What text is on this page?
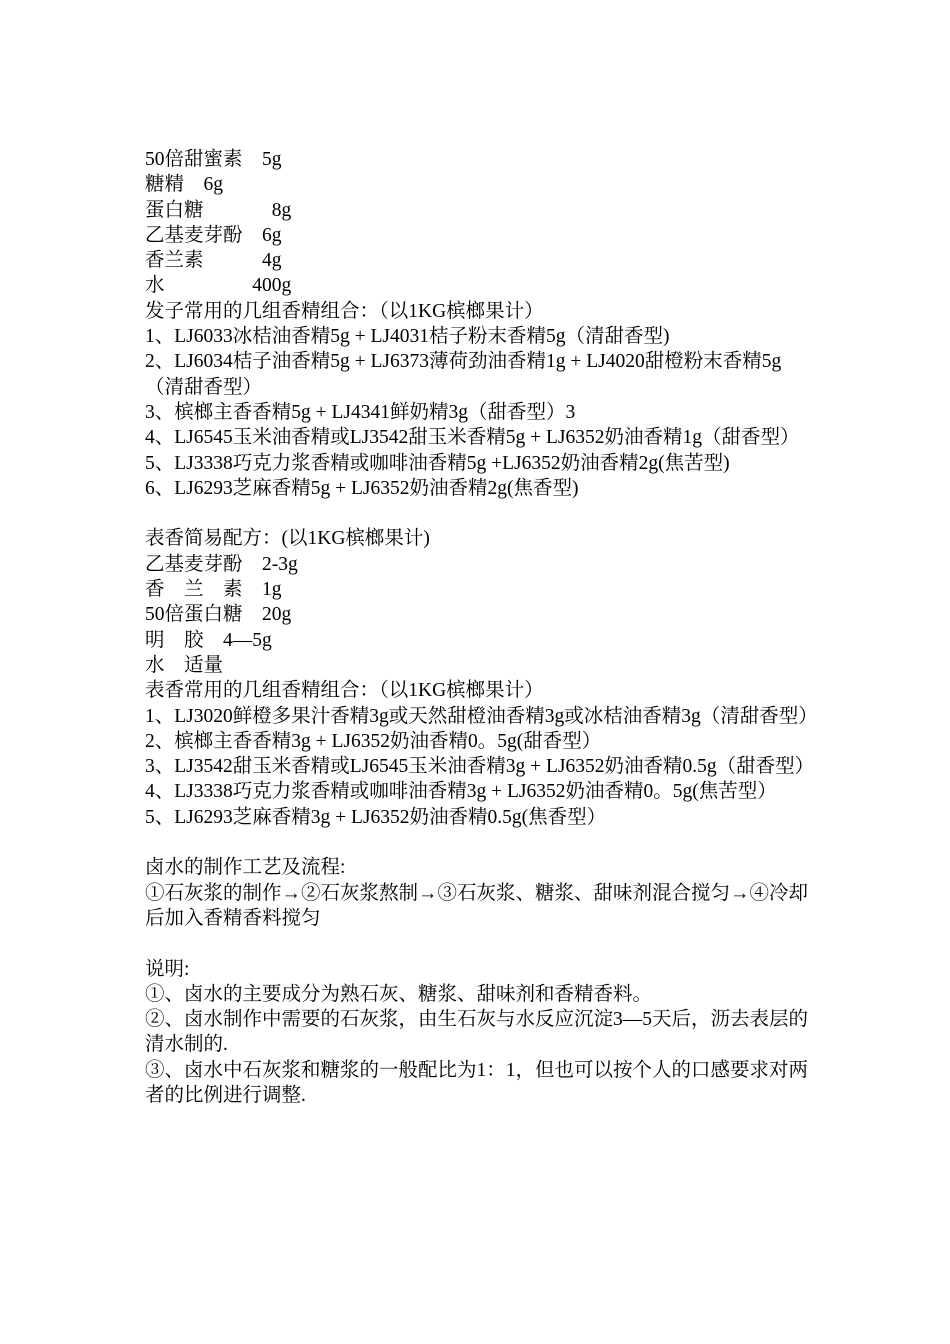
50倍甜蜜素    5g
糖精    6g
蛋白糖              8g
乙基麦芽酚    6g
香兰素            4g
水                  400g
发子常用的几组香精组合：（以1KG槟榔果计）
1、LJ6033冰桔油香精5g + LJ4031桔子粉末香精5g（清甜香型)
2、LJ6034桔子油香精5g + LJ6373薄荷劲油香精1g + LJ4020甜橙粉末香精5g（清甜香型）
3、槟榔主香香精5g + LJ4341鲜奶精3g（甜香型）3
4、LJ6545玉米油香精或LJ3542甜玉米香精5g + LJ6352奶油香精1g（甜香型）
5、LJ3338巧克力浆香精或咖啡油香精5g +LJ6352奶油香精2g(焦苦型)
6、LJ6293芝麻香精5g + LJ6352奶油香精2g(焦香型)
表香简易配方：(以1KG槟榔果计)
乙基麦芽酚    2-3g
香    兰    素    1g
50倍蛋白糖    20g
明    胶    4—5g
水    适量
表香常用的几组香精组合：（以1KG槟榔果计）
1、LJ3020鲜橙多果汁香精3g或天然甜橙油香精3g或冰桔油香精3g（清甜香型）
2、槟榔主香香精3g + LJ6352奶油香精0。5g(甜香型）
3、LJ3542甜玉米香精或LJ6545玉米油香精3g + LJ6352奶油香精0.5g（甜香型）
4、LJ3338巧克力浆香精或咖啡油香精3g + LJ6352奶油香精0。5g(焦苦型）
5、LJ6293芝麻香精3g + LJ6352奶油香精0.5g(焦香型）
卤水的制作工艺及流程:
①石灰浆的制作→②石灰浆熬制→③石灰浆、糖浆、甜味剂混合搅匀→④冷却后加入香精香料搅匀
说明:
①、卤水的主要成分为熟石灰、糖浆、甜味剂和香精香料。
②、卤水制作中需要的石灰浆，由生石灰与水反应沉淀3—5天后，沥去表层的清水制的.
③、卤水中石灰浆和糖浆的一般配比为1：1，但也可以按个人的口感要求对两者的比例进行调整.
